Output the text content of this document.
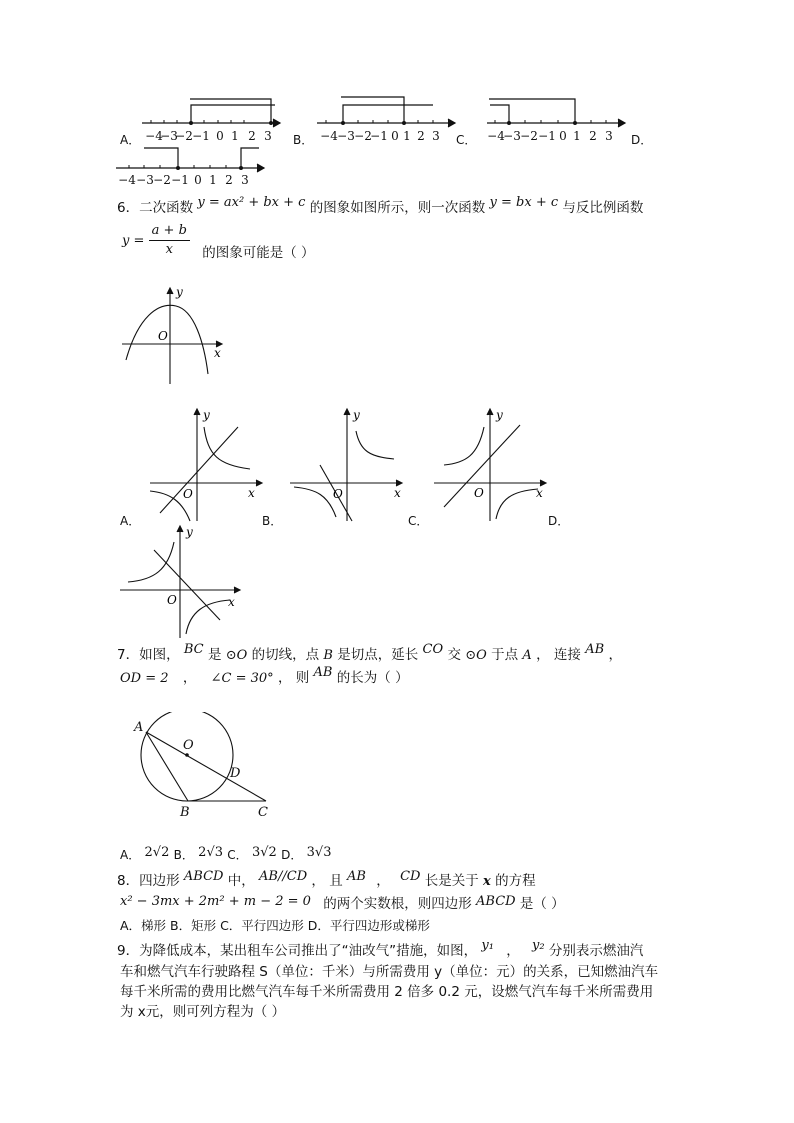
A． −4
−3
−2 −1 0 1 2 3 B． −4 −3 −2
−1 0 1 2 3 C． −4
−3 −2 −1 0 1 2 3 D．
−4 −3 −2 −1 0 1 2 3
6．二次函数 y = ax² + bx + c 的图象如图所示，则一次函数 y = bx + c 与反比例函数
$y = \frac{a + b}{x}$ 的图象可能是（ ）
y
x
O
A．
y
x
O
B．
y
x
O
C．
y
x
O
D．
y
x
O
7．如图， BC 是 ⊙O 的切线，点 B 是切点，延长 CO 交 ⊙O 于点 A ， 连接 AB ，
OD = 2 ， ∠C = 30° ， 则 AB 的长为（ ）
A
O
D
B	C
A． 2√2 B． 2√3 C． 3√2 D． 3√3
8．四边形 ABCD 中， AB//CD ， 且 AB ， CD 长是关于 x 的方程
x² − 3mx + 2m² + m − 2 = 0 的两个实数根，则四边形 ABCD 是（ ）
A．梯形 B．矩形 C．平行四边形 D．平行四边形或梯形
9．为降低成本，某出租车公司推出了“油改气”措施，如图， y₁ ， y₂ 分别表示燃油汽
车和燃气汽车行驶路程 S（单位：千米）与所需费用 y（单位：元）的关系，已知燃油汽车
每千米所需的费用比燃气汽车每千米所需费用 2 倍多 0.2 元，设燃气汽车每千米所需费用
为 x元，则可列方程为（ ）
